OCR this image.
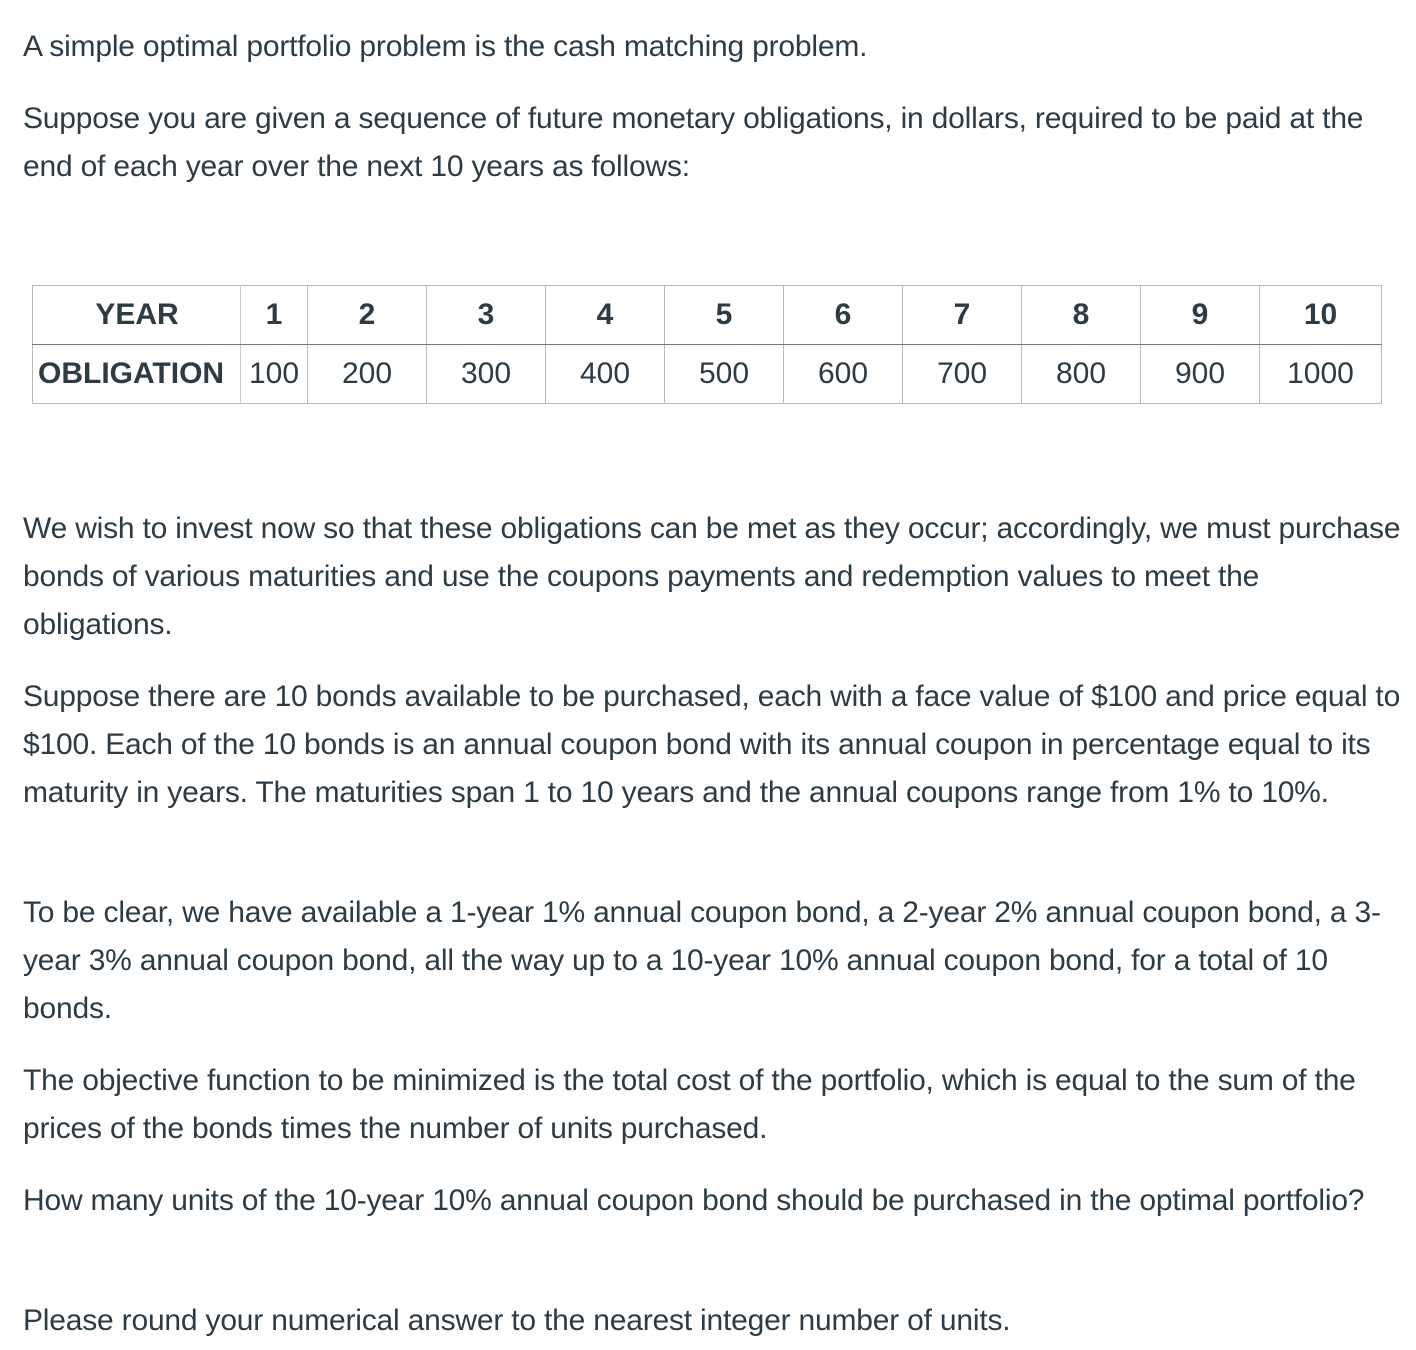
A simple optimal portfolio problem is the cash matching problem.

Suppose you are given a sequence of future monetary obligations, in dollars, required to be paid at the end of each year over the next 10 years as follows:

YEAR	1	2	3	4	5	6	7	8	9	10
OBLIGATION	100	200	300	400	500	600	700	800	900	1000

We wish to invest now so that these obligations can be met as they occur; accordingly, we must purchase bonds of various maturities and use the coupons payments and redemption values to meet the obligations.

Suppose there are 10 bonds available to be purchased, each with a face value of $100 and price equal to $100. Each of the 10 bonds is an annual coupon bond with its annual coupon in percentage equal to its maturity in years. The maturities span 1 to 10 years and the annual coupons range from 1% to 10%.

To be clear, we have available a 1-year 1% annual coupon bond, a 2-year 2% annual coupon bond, a 3-year 3% annual coupon bond, all the way up to a 10-year 10% annual coupon bond, for a total of 10 bonds.

The objective function to be minimized is the total cost of the portfolio, which is equal to the sum of the prices of the bonds times the number of units purchased.

How many units of the 10-year 10% annual coupon bond should be purchased in the optimal portfolio?

Please round your numerical answer to the nearest integer number of units.
